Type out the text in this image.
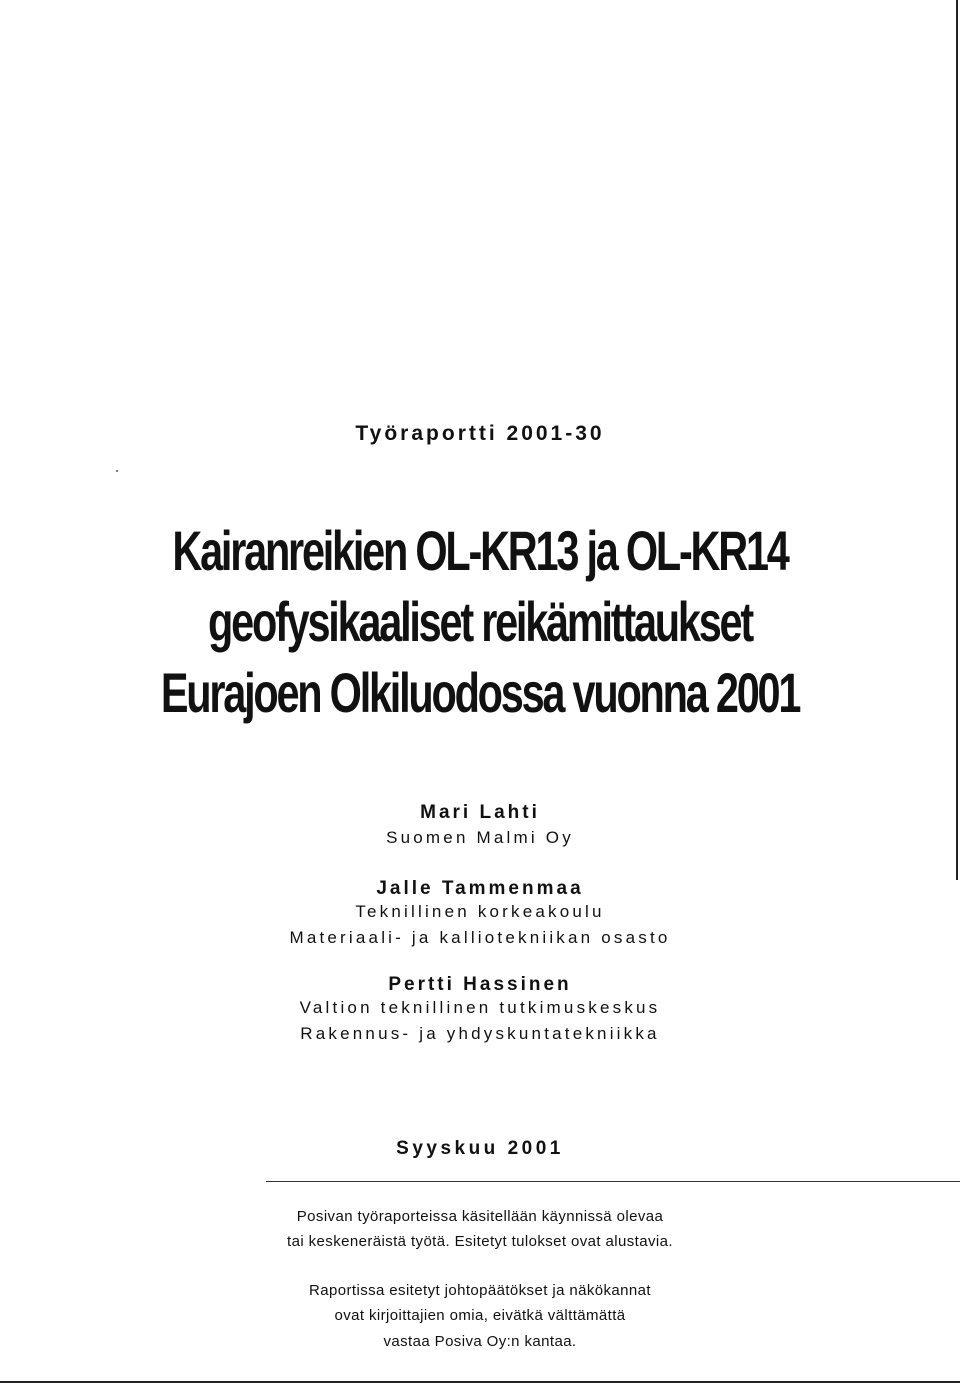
Työraportti 2001-30
Kairanreikien OL-KR13 ja OL-KR14
geofysikaaliset reikämittaukset
Eurajoen Olkiluodossa vuonna 2001
Mari Lahti
Suomen Malmi Oy
Jalle Tammenmaa
Teknillinen korkeakoulu
Materiaali- ja kalliotekniikan osasto
Pertti Hassinen
Valtion teknillinen tutkimuskeskus
Rakennus- ja yhdyskuntatekniikka
Syyskuu 2001
Posivan työraporteissa käsitellään käynnissä olevaa
tai keskeneräistä työtä. Esitetyt tulokset ovat alustavia.
Raportissa esitetyt johtopäätökset ja näkökannat
ovat kirjoittajien omia, eivätkä välttämättä
vastaa Posiva Oy:n kantaa.
